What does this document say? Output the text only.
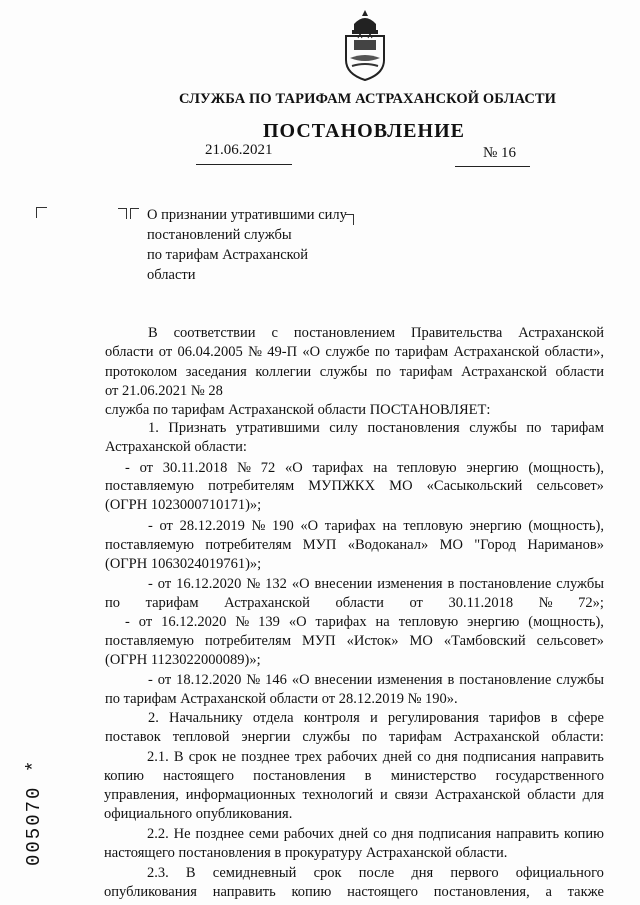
СЛУЖБА ПО ТАРИФАМ АСТРАХАНСКОЙ ОБЛАСТИ
ПОСТАНОВЛЕНИЕ
21.06.2021	№ 16
О признании утратившими силу
постановлений службы
по тарифам Астраханской
области
В соответствии с постановлением Правительства Астраханской
области от 06.04.2005 № 49-П «О службе по тарифам Астраханской области»,
протоколом заседания коллегии службы по тарифам Астраханской области
от 21.06.2021 № 28
служба по тарифам Астраханской области ПОСТАНОВЛЯЕТ:
1. Признать утратившими силу постановления службы по тарифам
Астраханской области:
- от 30.11.2018 № 72 «О тарифах на тепловую энергию (мощность),
поставляемую потребителям МУПЖКХ МО «Сасыкольский сельсовет»
(ОГРН 1023000710171)»;
- от 28.12.2019 № 190 «О тарифах на тепловую энергию (мощность),
поставляемую потребителям МУП «Водоканал» МО "Город Нариманов»
(ОГРН 1063024019761)»;
- от 16.12.2020 № 132 «О внесении изменения в постановление службы
по тарифам Астраханской области от 30.11.2018 № 72»;
- от 16.12.2020 № 139 «О тарифах на тепловую энергию (мощность),
поставляемую потребителям МУП «Исток» МО «Тамбовский сельсовет»
(ОГРН 1123022000089)»;
- от 18.12.2020 № 146 «О внесении изменения в постановление службы
по тарифам Астраханской области от 28.12.2019 № 190».
2. Начальнику отдела контроля и регулирования тарифов в сфере
поставок тепловой энергии службы по тарифам Астраханской области:
2.1. В срок не позднее трех рабочих дней со дня подписания направить
копию настоящего постановления в министерство государственного
управления, информационных технологий и связи Астраханской области для
официального опубликования.
2.2. Не позднее семи рабочих дней со дня подписания направить копию
настоящего постановления в прокуратуру Астраханской области.
2.3. В семидневный срок после дня первого официального
опубликования направить копию настоящего постановления, а также
005070 *
